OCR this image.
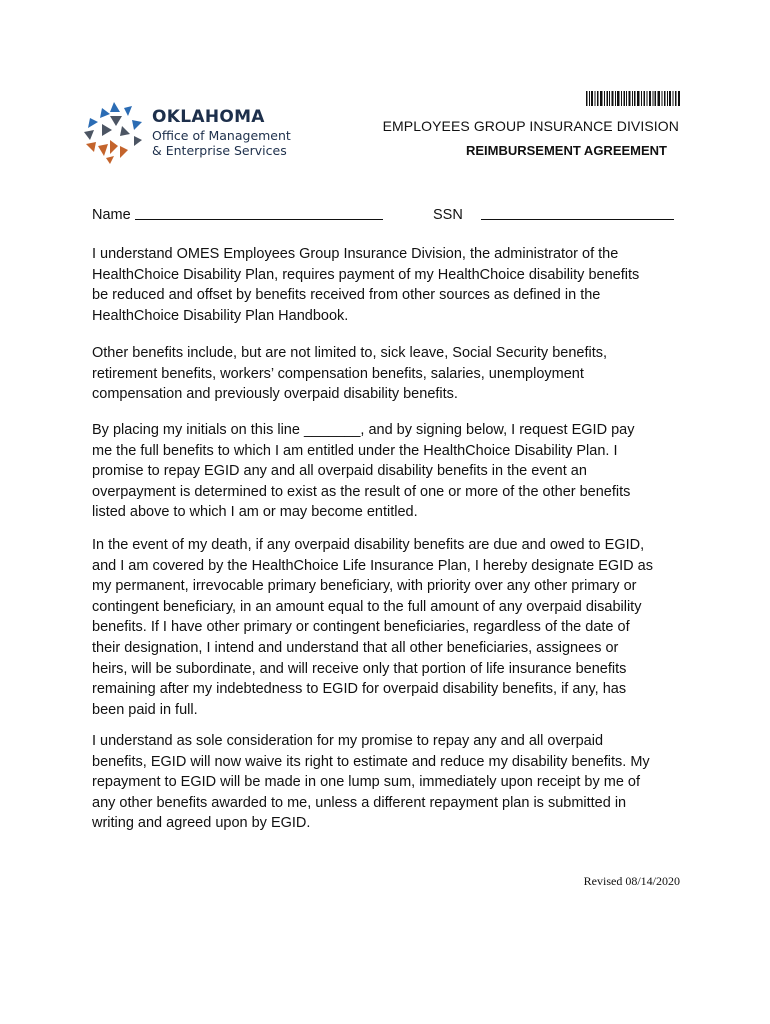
OKLAHOMA
Office of Management
& Enterprise Services
EMPLOYEES GROUP INSURANCE DIVISION
REIMBURSEMENT AGREEMENT
Name	SSN

I understand OMES Employees Group Insurance Division, the administrator of the
HealthChoice Disability Plan, requires payment of my HealthChoice disability benefits
be reduced and offset by benefits received from other sources as defined in the
HealthChoice Disability Plan Handbook.

Other benefits include, but are not limited to, sick leave, Social Security benefits,
retirement benefits, workers’ compensation benefits, salaries, unemployment
compensation and previously overpaid disability benefits.

By placing my initials on this line _______, and by signing below, I request EGID pay
me the full benefits to which I am entitled under the HealthChoice Disability Plan. I
promise to repay EGID any and all overpaid disability benefits in the event an
overpayment is determined to exist as the result of one or more of the other benefits
listed above to which I am or may become entitled.

In the event of my death, if any overpaid disability benefits are due and owed to EGID,
and I am covered by the HealthChoice Life Insurance Plan, I hereby designate EGID as
my permanent, irrevocable primary beneficiary, with priority over any other primary or
contingent beneficiary, in an amount equal to the full amount of any overpaid disability
benefits. If I have other primary or contingent beneficiaries, regardless of the date of
their designation, I intend and understand that all other beneficiaries, assignees or
heirs, will be subordinate, and will receive only that portion of life insurance benefits
remaining after my indebtedness to EGID for overpaid disability benefits, if any, has
been paid in full.

I understand as sole consideration for my promise to repay any and all overpaid
benefits, EGID will now waive its right to estimate and reduce my disability benefits. My
repayment to EGID will be made in one lump sum, immediately upon receipt by me of
any other benefits awarded to me, unless a different repayment plan is submitted in
writing and agreed upon by EGID.

Revised 08/14/2020
